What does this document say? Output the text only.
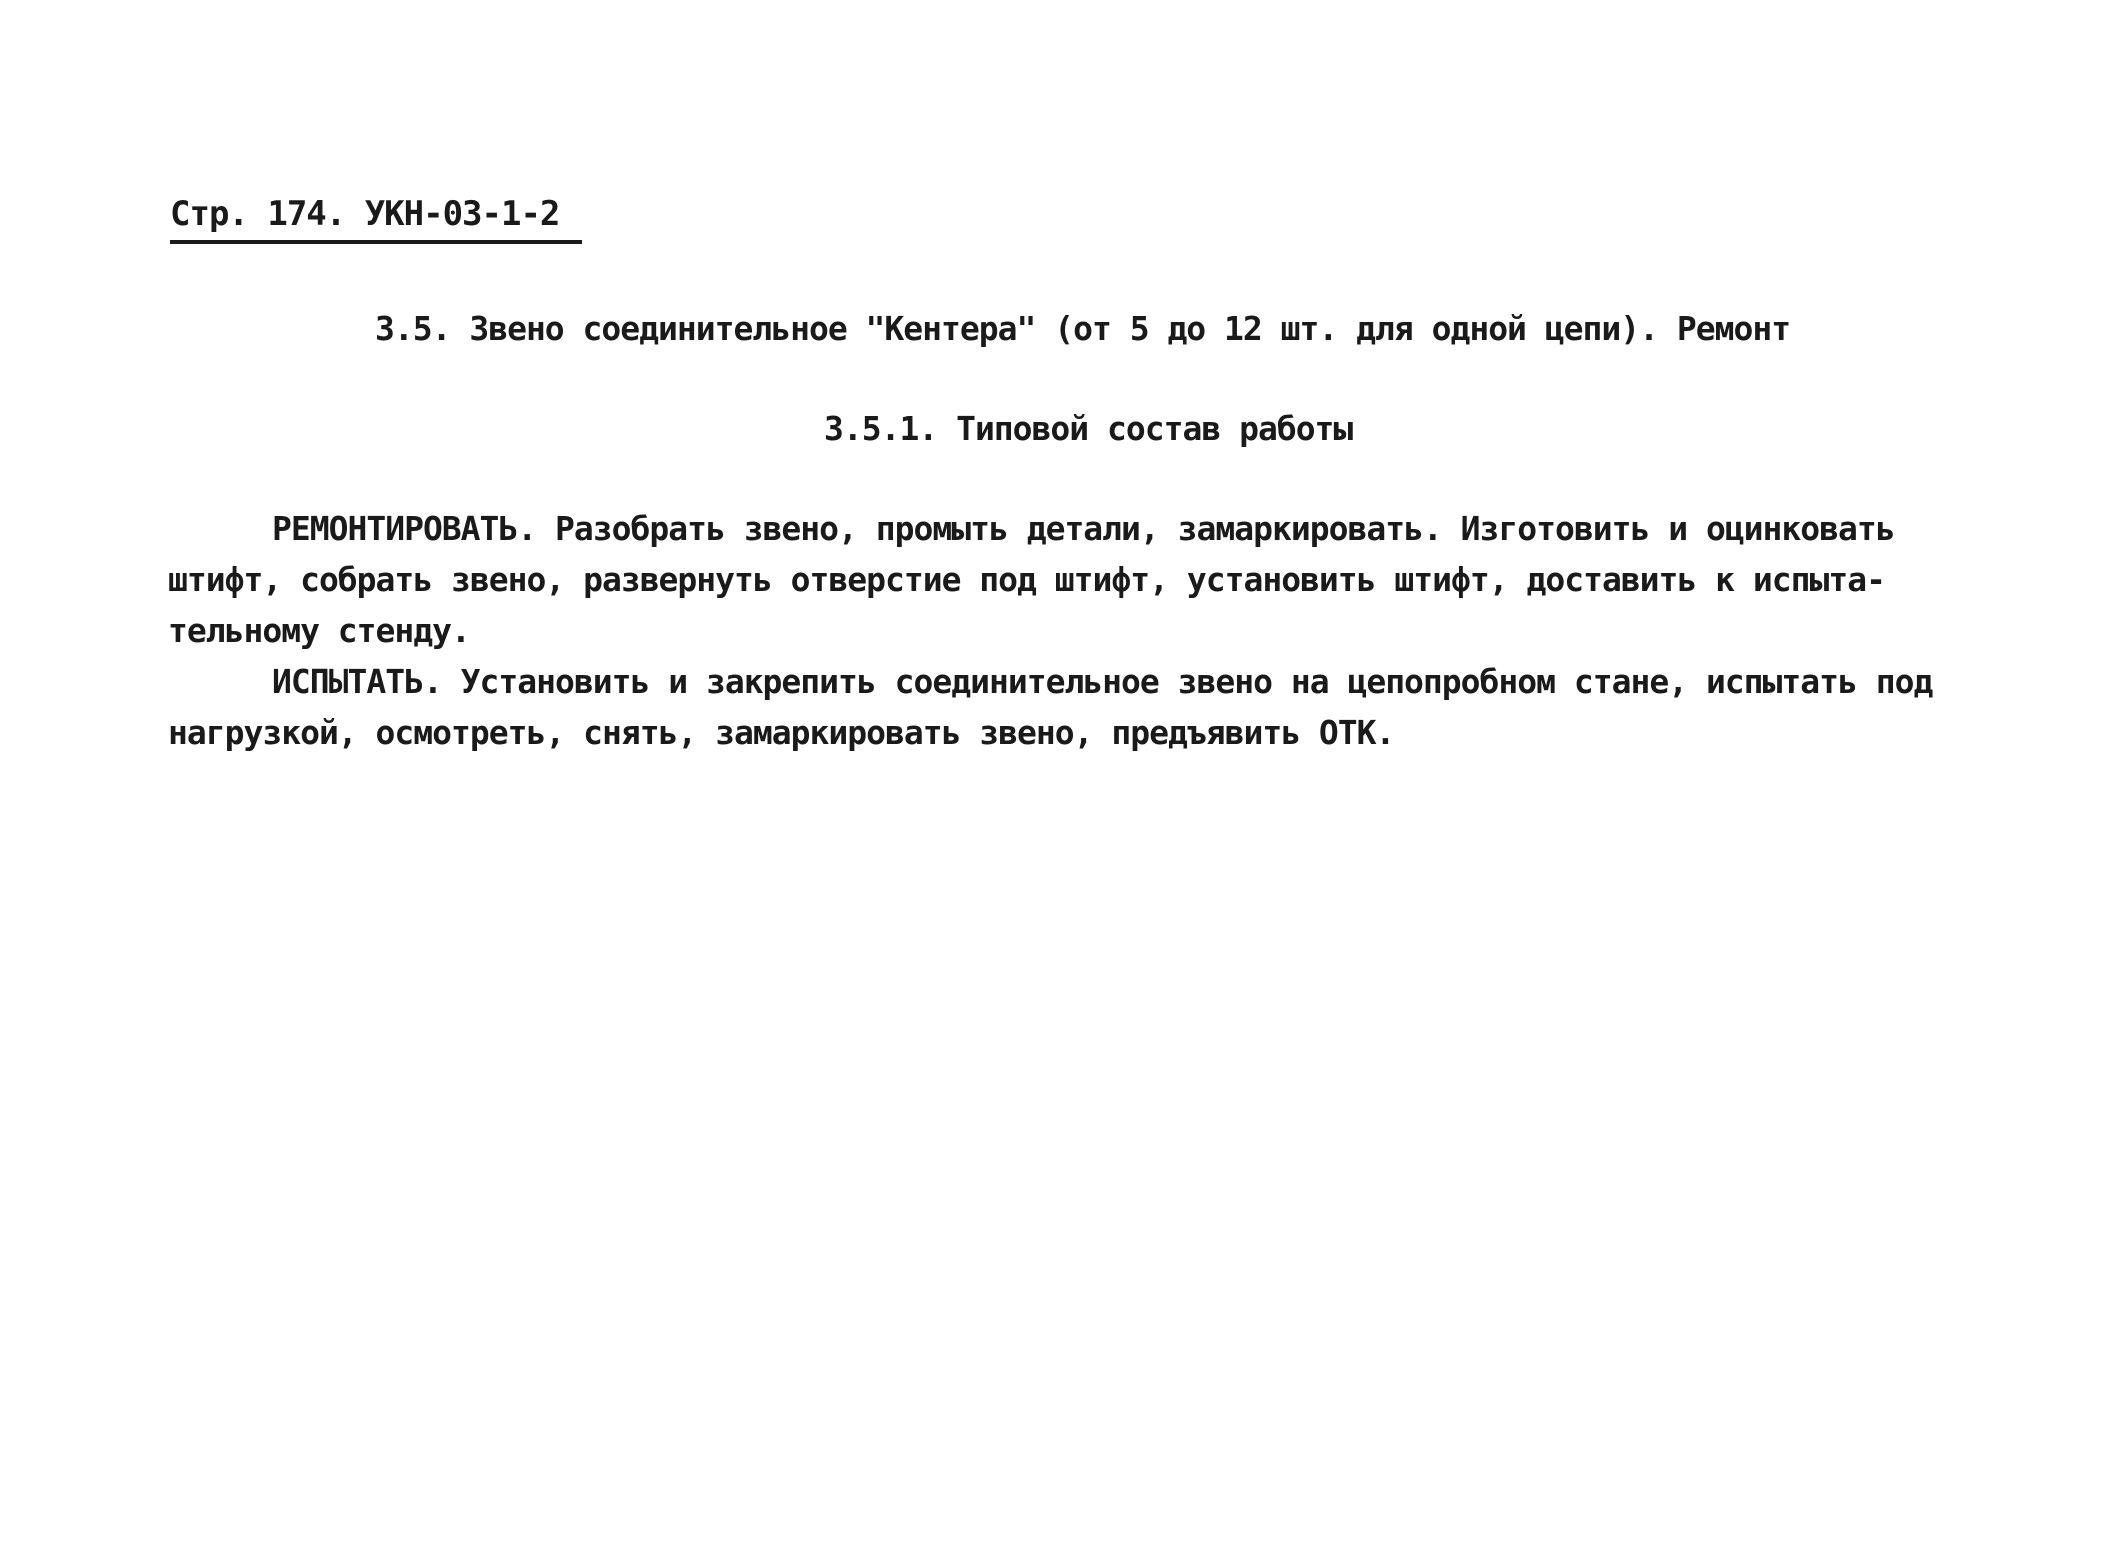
Стр. 174. УКН-03-1-2
3.5. Звено соединительное "Кентера" (от 5 до 12 шт. для одной цепи). Ремонт
3.5.1. Типовой состав работы
РЕМОНТИРОВАТЬ. Разобрать звено, промыть детали, замаркировать. Изготовить и оцинковать
штифт, собрать звено, развернуть отверстие под штифт, установить штифт, доставить к испыта-
тельному стенду.
ИСПЫТАТЬ. Установить и закрепить соединительное звено на цепопробном стане, испытать под
нагрузкой, осмотреть, снять, замаркировать звено, предъявить ОТК.
